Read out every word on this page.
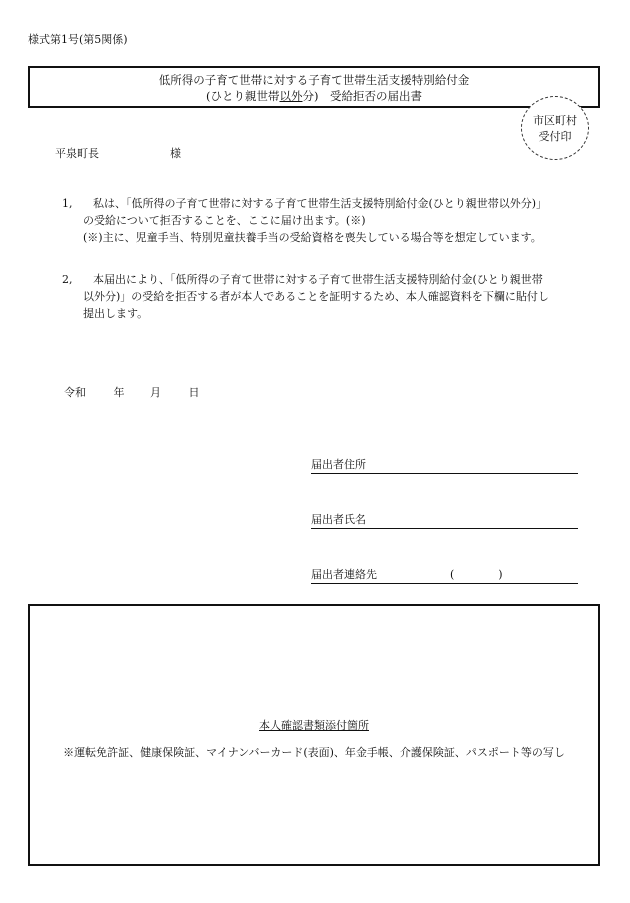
様式第1号(第5関係)
低所得の子育て世帯に対する子育て世帯生活支援特別給付金
(ひとり親世帯以外分)　受給拒否の届出書
市区町村
受付印
平泉町長	様
1,	私は、「低所得の子育て世帯に対する子育て世帯生活支援特別給付金(ひとり親世帯以外分)」
の受給について拒否することを、ここに届け出ます。(※)
(※)主に、児童手当、特別児童扶養手当の受給資格を喪失している場合等を想定しています。
2,	本届出により、「低所得の子育て世帯に対する子育て世帯生活支援特別給付金(ひとり親世帯
以外分)」の受給を拒否する者が本人であることを証明するため、本人確認資料を下欄に貼付し
提出します。
令和	年 月	日
届出者住所
届出者氏名
届出者連絡先	(　　　　)
本人確認書類添付箇所
※運転免許証、健康保険証、マイナンバーカード(表面)、年金手帳、介護保険証、パスポート等の写し
